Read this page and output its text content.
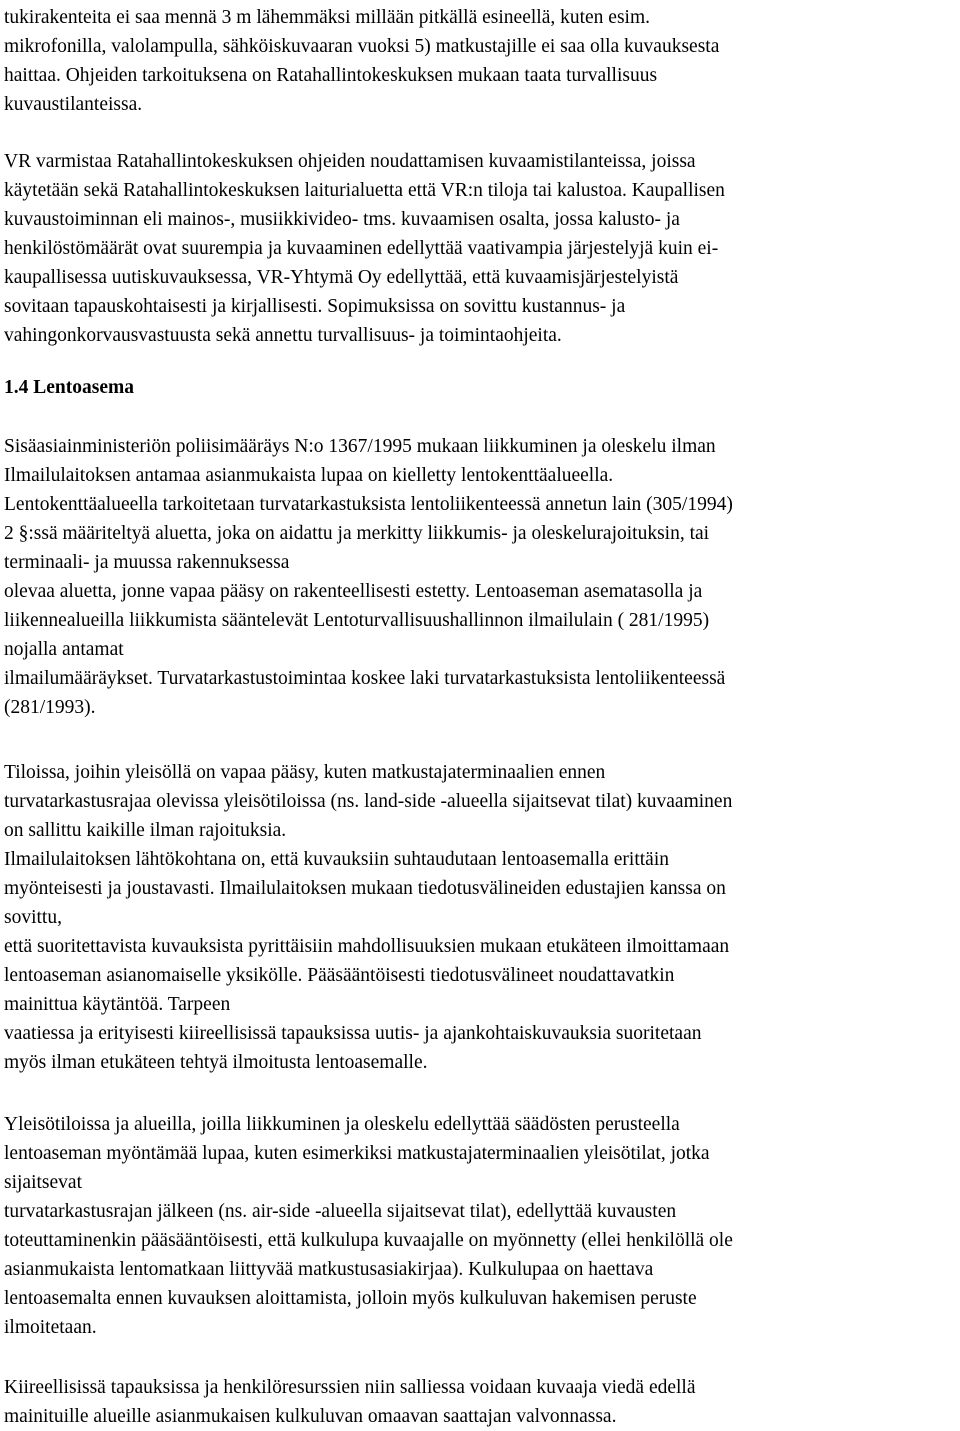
tukirakenteita ei saa mennä 3 m lähemmäksi millään pitkällä esineellä, kuten esim.
mikrofonilla, valolampulla, sähköiskuvaaran vuoksi 5) matkustajille ei saa olla kuvauksesta
haittaa. Ohjeiden tarkoituksena on Ratahallintokeskuksen mukaan taata turvallisuus
kuvaustilanteissa.
VR varmistaa Ratahallintokeskuksen ohjeiden noudattamisen kuvaamistilanteissa, joissa
käytetään sekä Ratahallintokeskuksen laiturialuetta että VR:n tiloja tai kalustoa. Kaupallisen
kuvaustoiminnan eli mainos-, musiikkivideo- tms. kuvaamisen osalta, jossa kalusto- ja
henkilöstömäärät ovat suurempia ja kuvaaminen edellyttää vaativampia järjestelyjä kuin ei-
kaupallisessa uutiskuvauksessa, VR-Yhtymä Oy edellyttää, että kuvaamisjärjestelyistä
sovitaan tapauskohtaisesti ja kirjallisesti. Sopimuksissa on sovittu kustannus- ja
vahingonkorvausvastuusta sekä annettu turvallisuus- ja toimintaohjeita.
1.4 Lentoasema
Sisäasiainministeriön poliisimääräys N:o 1367/1995 mukaan liikkuminen ja oleskelu ilman
Ilmailulaitoksen antamaa asianmukaista lupaa on kielletty lentokenttäalueella.
Lentokenttäalueella tarkoitetaan turvatarkastuksista lentoliikenteessä annetun lain (305/1994)
2 §:ssä määriteltyä aluetta, joka on aidattu ja merkitty liikkumis- ja oleskelurajoituksin, tai
terminaali- ja muussa rakennuksessa
olevaa aluetta, jonne vapaa pääsy on rakenteellisesti estetty. Lentoaseman asematasolla ja
liikennealueilla liikkumista sääntelevät Lentoturvallisuushallinnon ilmailulain ( 281/1995)
nojalla antamat
ilmailumääräykset. Turvatarkastustoimintaa koskee laki turvatarkastuksista lentoliikenteessä
(281/1993).
Tiloissa, joihin yleisöllä on vapaa pääsy, kuten matkustajaterminaalien ennen
turvatarkastusrajaa olevissa yleisötiloissa (ns. land-side -alueella sijaitsevat tilat) kuvaaminen
on sallittu kaikille ilman rajoituksia.
Ilmailulaitoksen lähtökohtana on, että kuvauksiin suhtaudutaan lentoasemalla erittäin
myönteisesti ja joustavasti. Ilmailulaitoksen mukaan tiedotusvälineiden edustajien kanssa on
sovittu,
että suoritettavista kuvauksista pyrittäisiin mahdollisuuksien mukaan etukäteen ilmoittamaan
lentoaseman asianomaiselle yksikölle. Pääsääntöisesti tiedotusvälineet noudattavatkin
mainittua käytäntöä. Tarpeen
vaatiessa ja erityisesti kiireellisissä tapauksissa uutis- ja ajankohtaiskuvauksia suoritetaan
myös ilman etukäteen tehtyä ilmoitusta lentoasemalle.
Yleisötiloissa ja alueilla, joilla liikkuminen ja oleskelu edellyttää säädösten perusteella
lentoaseman myöntämää lupaa, kuten esimerkiksi matkustajaterminaalien yleisötilat, jotka
sijaitsevat
turvatarkastusrajan jälkeen (ns. air-side -alueella sijaitsevat tilat), edellyttää kuvausten
toteuttaminenkin pääsääntöisesti, että kulkulupa kuvaajalle on myönnetty (ellei henkilöllä ole
asianmukaista lentomatkaan liittyvää matkustusasiakirjaa). Kulkulupaa on haettava
lentoasemalta ennen kuvauksen aloittamista, jolloin myös kulkuluvan hakemisen peruste
ilmoitetaan.
Kiireellisissä tapauksissa ja henkilöresurssien niin salliessa voidaan kuvaaja viedä edellä
mainituille alueille asianmukaisen kulkuluvan omaavan saattajan valvonnassa.
